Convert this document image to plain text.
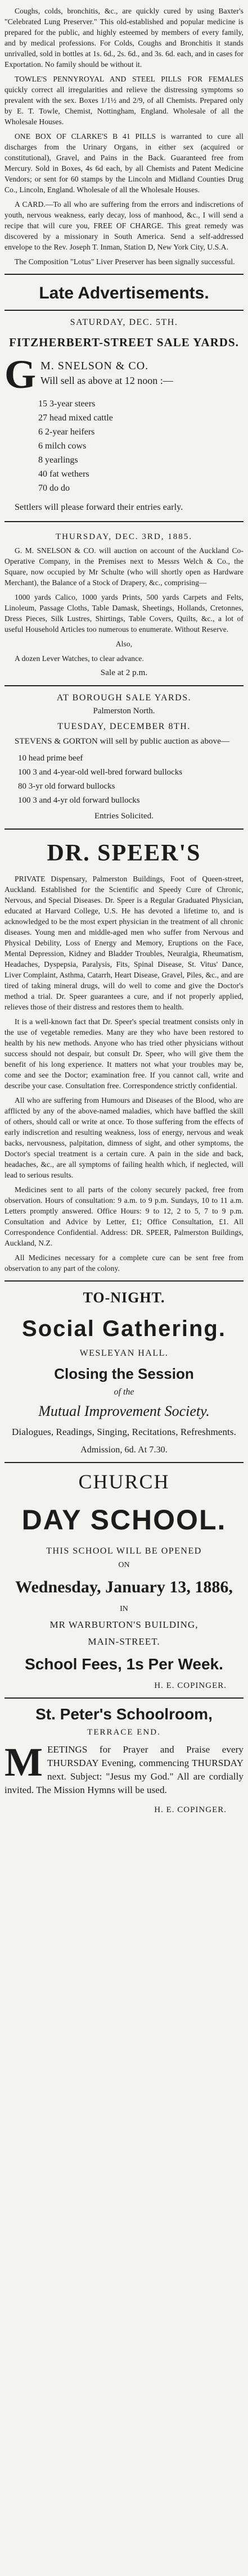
Coughs, colds, bronchitis, &c., are quickly cured by using Baxter's "Celebrated Lung Preserver." This old-established and popular medicine is prepared for the public, and highly esteemed by members of every family, and by medical professions. For Colds, Coughs and Bronchitis it stands unrivalled, sold in bottles at 1s. 6d., 2s. 6d., and 3s. 6d. each, and in cases for Exportation. No family should be without it.

TOWLE'S PENNYROYAL AND STEEL PILLS FOR FEMALES quickly correct all irregularities and relieve the distressing symptoms so prevalent with the sex. Boxes 1/1½ and 2/9, of all Chemists. Prepared only by E. T. Towle, Chemist, Nottingham, England. Wholesale of all the Wholesale Houses.

ONE BOX OF CLARKE'S B 41 PILLS is warranted to cure all discharges from the Urinary Organs, in either sex (acquired or constitutional), Gravel, and Pains in the Back. Guaranteed free from Mercury. Sold in Boxes, 4s 6d each, by all Chemists and Patent Medicine Vendors; or sent for 60 stamps by the Lincoln and Midland Counties Drug Co., Lincoln, England. Wholesale of all the Wholesale Houses.

A CARD.—To all who are suffering from the errors and indiscretions of youth, nervous weakness, early decay, loss of manhood, &c., I will send a recipe that will cure you, FREE OF CHARGE. This great remedy was discovered by a missionary in South America. Send a self-addressed envelope to the Rev. Joseph T. Inman, Station D, New York City, U.S.A.

The Composition "Lotus" Liver Preserver has been signally successful.

Late Advertisements.
SATURDAY, DEC. 5TH.
FITZHERBERT-STREET SALE YARDS.
G M. SNELSON & CO.
Will sell as above at 12 noon :—
15 3-year steers
27 head mixed cattle
6 2-year heifers
6 milch cows
8 yearlings
40 fat wethers
70 do do

Settlers will please forward their entries early.

THURSDAY, DEC. 3RD, 1885.

G. M. SNELSON & CO. will auction on account of the Auckland Co-Operative Company, in the Premises next to Messrs Welch & Co., the Square, now occupied by Mr Schulte (who will shortly open as Hardware Merchant), the Balance of a Stock of Drapery, &c., comprising—

1000 yards Calico, 1000 yards Prints, 500 yards Carpets and Felts, Linoleum, Passage Cloths, Table Damask, Sheetings, Hollands, Cretonnes, Dress Pieces, Silk Lustres, Shirtings, Table Covers, Quilts, &c., a lot of useful Household Articles too numerous to enumerate. Without Reserve.

Also,

A dozen Lever Watches, to clear advance.

Sale at 2 p.m.

AT BOROUGH SALE YARDS.
Palmerston North.
TUESDAY, DECEMBER 8TH.

STEVENS & GORTON will sell by public auction as above—

10 head prime beef
100 3 and 4-year-old well-bred forward bullocks
80 3-yr old forward bullocks
100 3 and 4-yr old forward bullocks

Entries Solicited.

DR. SPEER'S

PRIVATE Dispensary, Palmerston Buildings, Foot of Queen-street, Auckland. Established for the Scientific and Speedy Cure of Chronic, Nervous, and Special Diseases. Dr. Speer is a Regular Graduated Physician, educated at Harvard College, U.S. He has devoted a lifetime to, and is acknowledged to be the most expert physician in the treatment of all chronic diseases. Young men and middle-aged men who suffer from Nervous and Physical Debility, Loss of Energy and Memory, Eruptions on the Face, Mental Depression, Kidney and Bladder Troubles, Neuralgia, Rheumatism, Headaches, Dyspepsia, Paralysis, Fits, Spinal Disease, St. Vitus' Dance, Liver Complaint, Asthma, Catarrh, Heart Disease, Gravel, Piles, &c., and are tired of taking mineral drugs, will do well to come and give the Doctor's method a trial. Dr. Speer guarantees a cure, and if not properly applied, relieves those of their distress and restores them to health.

It is a well-known fact that Dr. Speer's special treatment consists only in the use of vegetable remedies. Many are they who have been restored to health by his new methods. Anyone who has tried other physicians without success should not despair, but consult Dr. Speer, who will give them the benefit of his long experience. It matters not what your troubles may be, come and see the Doctor; examination free. If you cannot call, write and describe your case. Consultation free. Correspondence strictly confidential.

All who are suffering from Humours and Diseases of the Blood, who are afflicted by any of the above-named maladies, which have baffled the skill of others, should call or write at once. To those suffering from the effects of early indiscretion and resulting weakness, loss of energy, nervous and weak backs, nervousness, palpitation, dimness of sight, and other symptoms, the Doctor's special treatment is a certain cure. A pain in the side and back, headaches, &c., are all symptoms of failing health which, if neglected, will lead to serious results.

Medicines sent to all parts of the colony securely packed, free from observation. Hours of consultation: 9 a.m. to 9 p.m. Sundays, 10 to 11 a.m. Letters promptly answered. Office Hours: 9 to 12, 2 to 5, 7 to 9 p.m. Consultation and Advice by Letter, £1; Office Consultation, £1. All Correspondence Confidential. Address: DR. SPEER, Palmerston Buildings, Auckland, N.Z.

All Medicines necessary for a complete cure can be sent free from observation to any part of the colony.

TO-NIGHT.
Social Gathering.
WESLEYAN HALL.
Closing the Session
of the
Mutual Improvement Society.

Dialogues, Readings, Singing, Recitations, Refreshments.

Admission, 6d. At 7.30.

CHURCH
DAY SCHOOL.
THIS SCHOOL WILL BE OPENED
ON
Wednesday, January 13, 1886,
IN
MR WARBURTON'S BUILDING,
MAIN-STREET.
School Fees, 1s Per Week.
H. E. COPINGER.
St. Peter's Schoolroom,
TERRACE END.
M EETINGS for Prayer and Praise every THURSDAY Evening, commencing THURSDAY next. Subject: "Jesus my God." All are cordially invited. The Mission Hymns will be used.

H. E. COPINGER.
